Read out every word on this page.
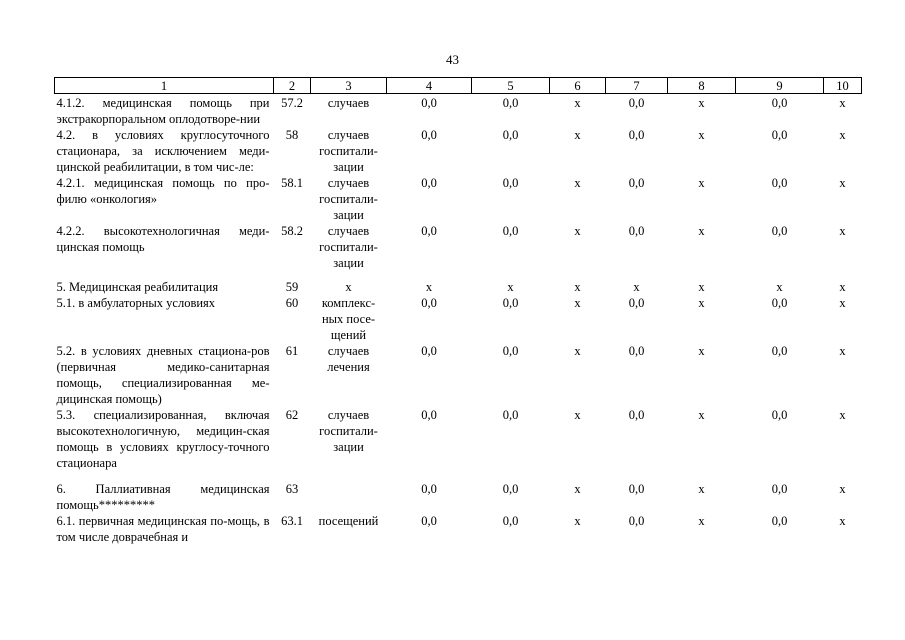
43
1	2	3	4	5	6	7	8	9	10
4.1.2. медицинская помощь при экстракорпоральном оплодотворе-нии	57.2	случаев	0,0	0,0	х	0,0	х	0,0	х
4.2. в условиях круглосуточного стационара, за исключением меди-цинской реабилитации, в том чис-ле:	58	случаев госпитали-зации	0,0	0,0	х	0,0	х	0,0	х
4.2.1. медицинская помощь по про-филю «онкология»	58.1	случаев госпитали-зации	0,0	0,0	х	0,0	х	0,0	х
4.2.2. высокотехнологичная меди-цинская помощь	58.2	случаев госпитали-зации	0,0	0,0	х	0,0	х	0,0	х

5. Медицинская реабилитация	59	х	х	х	х	х	х	х	х
5.1. в амбулаторных условиях	60	комплекс-ных посе-щений	0,0	0,0	х	0,0	х	0,0	х
5.2. в условиях дневных стациона-ров (первичная медико-санитарная помощь, специализированная ме-дицинская помощь)	61	случаев лечения	0,0	0,0	х	0,0	х	0,0	х
5.3. специализированная, включая высокотехнологичную, медицин-ская помощь в условиях круглосу-точного стационара	62	случаев госпитали-зации	0,0	0,0	х	0,0	х	0,0	х

6. Паллиативная медицинская помощь*********	63		0,0	0,0	х	0,0	х	0,0	х
6.1. первичная медицинская по-мощь, в том числе доврачебная и	63.1	посещений	0,0	0,0	х	0,0	х	0,0	х
